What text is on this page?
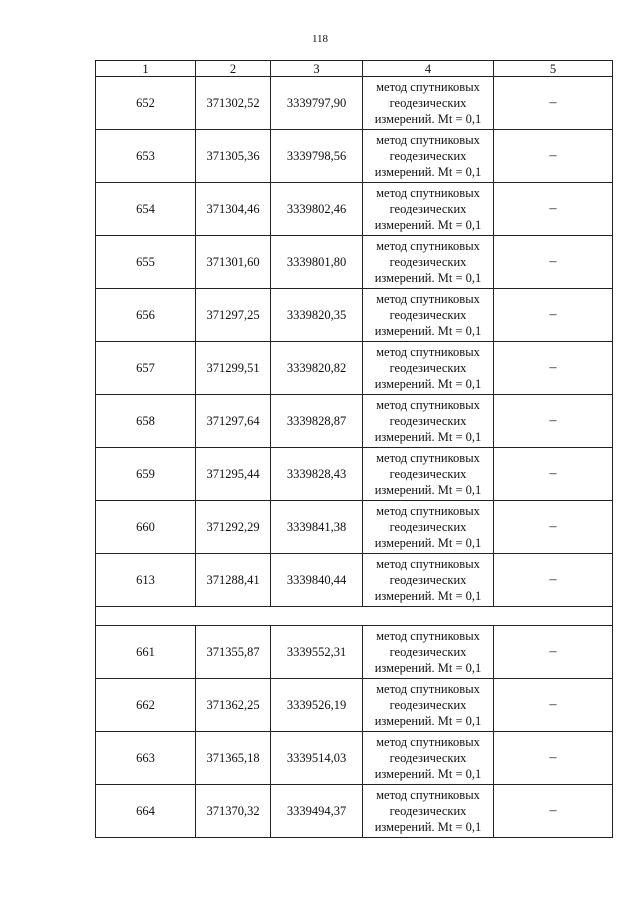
118
1	2	3	4	5
652	371302,52	3339797,90	метод спутниковых
геодезических
измерений. Mt = 0,1	–
653	371305,36	3339798,56	метод спутниковых
геодезических
измерений. Mt = 0,1	–
654	371304,46	3339802,46	метод спутниковых
геодезических
измерений. Mt = 0,1	–
655	371301,60	3339801,80	метод спутниковых
геодезических
измерений. Mt = 0,1	–
656	371297,25	3339820,35	метод спутниковых
геодезических
измерений. Mt = 0,1	–
657	371299,51	3339820,82	метод спутниковых
геодезических
измерений. Mt = 0,1	–
658	371297,64	3339828,87	метод спутниковых
геодезических
измерений. Mt = 0,1	–
659	371295,44	3339828,43	метод спутниковых
геодезических
измерений. Mt = 0,1	–
660	371292,29	3339841,38	метод спутниковых
геодезических
измерений. Mt = 0,1	–
613	371288,41	3339840,44	метод спутниковых
геодезических
измерений. Mt = 0,1	–

661	371355,87	3339552,31	метод спутниковых
геодезических
измерений. Mt = 0,1	–
662	371362,25	3339526,19	метод спутниковых
геодезических
измерений. Mt = 0,1	–
663	371365,18	3339514,03	метод спутниковых
геодезических
измерений. Mt = 0,1	–
664	371370,32	3339494,37	метод спутниковых
геодезических
измерений. Mt = 0,1	–
